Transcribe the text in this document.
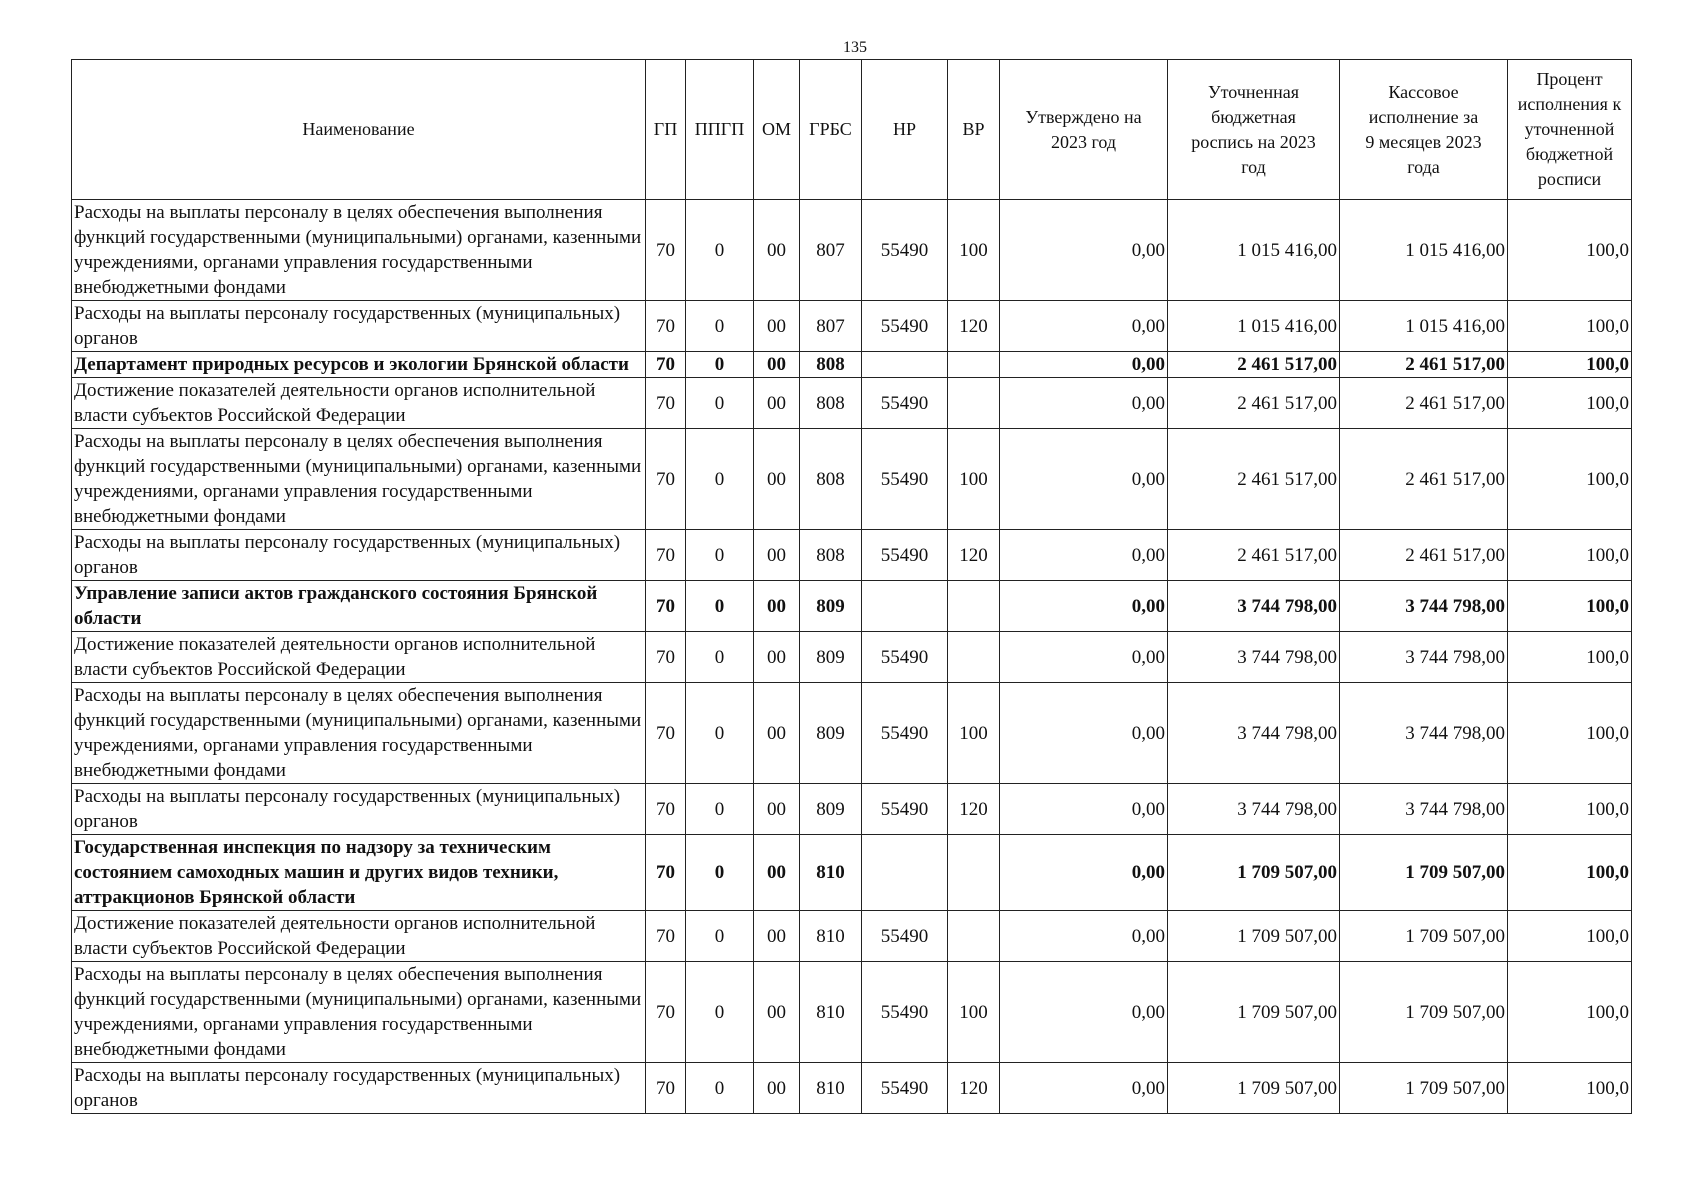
135
Наименование	ГП	ППГП	ОМ	ГРБС	НР	ВР	Утверждено на 2023 год	Уточненная бюджетная роспись на 2023 год	Кассовое исполнение за 9 месяцев 2023 года	Процент исполнения к уточненной бюджетной росписи
Расходы на выплаты персоналу в целях обеспечения выполнения функций государственными (муниципальными) органами, казенными учреждениями, органами управления государственными внебюджетными фондами	70	0	00	807	55490	100	0,00	1 015 416,00	1 015 416,00	100,0
Расходы на выплаты персоналу государственных (муниципальных) органов	70	0	00	807	55490	120	0,00	1 015 416,00	1 015 416,00	100,0
Департамент природных ресурсов и экологии Брянской области	70	0	00	808			0,00	2 461 517,00	2 461 517,00	100,0
Достижение показателей деятельности органов исполнительной власти субъектов Российской Федерации	70	0	00	808	55490		0,00	2 461 517,00	2 461 517,00	100,0
Расходы на выплаты персоналу в целях обеспечения выполнения функций государственными (муниципальными) органами, казенными учреждениями, органами управления государственными внебюджетными фондами	70	0	00	808	55490	100	0,00	2 461 517,00	2 461 517,00	100,0
Расходы на выплаты персоналу государственных (муниципальных) органов	70	0	00	808	55490	120	0,00	2 461 517,00	2 461 517,00	100,0
Управление записи актов гражданского состояния Брянской области	70	0	00	809			0,00	3 744 798,00	3 744 798,00	100,0
Достижение показателей деятельности органов исполнительной власти субъектов Российской Федерации	70	0	00	809	55490		0,00	3 744 798,00	3 744 798,00	100,0
Расходы на выплаты персоналу в целях обеспечения выполнения функций государственными (муниципальными) органами, казенными учреждениями, органами управления государственными внебюджетными фондами	70	0	00	809	55490	100	0,00	3 744 798,00	3 744 798,00	100,0
Расходы на выплаты персоналу государственных (муниципальных) органов	70	0	00	809	55490	120	0,00	3 744 798,00	3 744 798,00	100,0
Государственная инспекция по надзору за техническим состоянием самоходных машин и других видов техники, аттракционов Брянской области	70	0	00	810			0,00	1 709 507,00	1 709 507,00	100,0
Достижение показателей деятельности органов исполнительной власти субъектов Российской Федерации	70	0	00	810	55490		0,00	1 709 507,00	1 709 507,00	100,0
Расходы на выплаты персоналу в целях обеспечения выполнения функций государственными (муниципальными) органами, казенными учреждениями, органами управления государственными внебюджетными фондами	70	0	00	810	55490	100	0,00	1 709 507,00	1 709 507,00	100,0
Расходы на выплаты персоналу государственных (муниципальных) органов	70	0	00	810	55490	120	0,00	1 709 507,00	1 709 507,00	100,0
